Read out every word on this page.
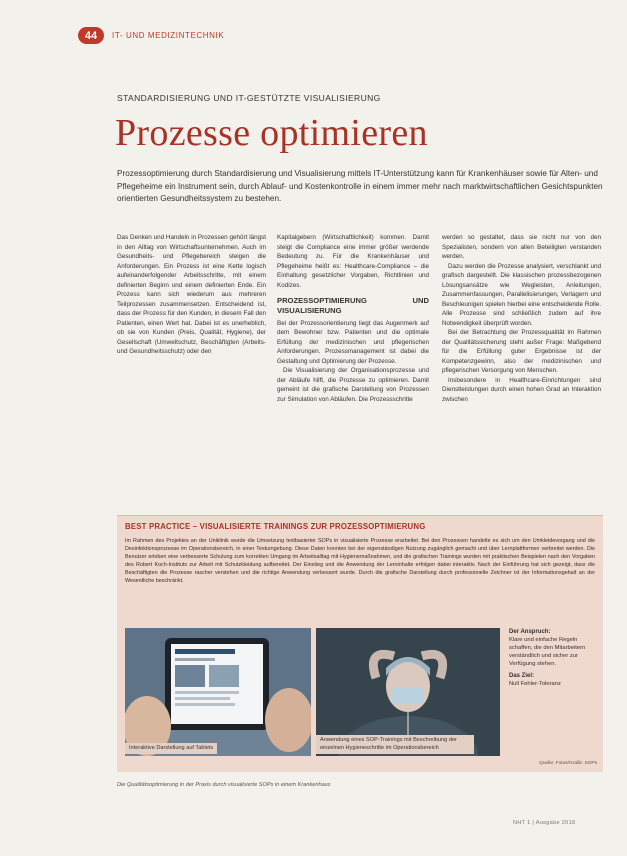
44	IT- UND MEDIZINTECHNIK
STANDARDISIERUNG UND IT-GESTÜTZTE VISUALISIERUNG
Prozesse optimieren
Prozessoptimierung durch Standardisierung und Visualisierung mittels IT-Unterstützung kann für Krankenhäuser sowie für Alten- und Pflegeheime ein Instrument sein, durch Ablauf- und Kostenkontrolle in einem immer mehr nach marktwirtschaftlichen Gesichtspunkten orientierten Gesundheitssystem zu bestehen.

Das Denken und Handeln in Prozessen gehört längst in den Alltag von Wirtschaftsunternehmen. Auch im Gesundheits- und Pflegebereich steigen die Anforderungen. Ein Prozess ist eine Kette logisch aufeinanderfolgender Arbeitsschritte, mit einem definierten Beginn und einem definierten Ende. Ein Prozess kann sich wiederum aus mehreren Teilprozessen zusammensetzen. Entscheidend ist, dass der Prozess für den Kunden, in diesem Fall den Patienten, einen Wert hat. Dabei ist es unerheblich, ob sie von Kunden (Preis, Qualität, Hygiene), der Gesellschaft (Umweltschutz, Beschäftigten (Arbeits- und Gesundheitsschutz) oder den

Kapitalgebern (Wirtschaftlichkeit) kommen. Damit steigt die Compliance eine immer größer werdende Bedeutung zu. Für die Krankenhäuser und Pflegeheime heißt es: Healthcare-Compliance – die Einhaltung gesetzlicher Vorgaben, Richtlinien und Kodizes.

PROZESSOPTIMIERUNG UND VISUALISIERUNG

Bei der Prozessorientierung liegt das Augenmerk auf dem Bewohner bzw. Patienten und die optimale Erfüllung der medizinischen und pflegerischen Anforderungen. Prozessmanagement ist dabei die Gestaltung und Optimierung der Prozesse.

Die Visualisierung der Organisationsprozesse und der Abläufe hilft, die Prozesse zu optimieren. Damit gemeint ist die grafische Darstellung von Prozessen zur Simulation von Abläufen. Die Prozessschritte

werden so gestaltet, dass sie nicht nur von den Spezialisten, sondern von allen Beteiligten verstanden werden.

Dazu werden die Prozesse analysiert, verschlankt und grafisch dargestellt. Die klassischen prozessbezogenen Lösungsansätze wie Wegleisten, Anleitungen, Zusammenfassungen, Parallelisierungen, Verlagern und Beschleunigen spielen hierbei eine entscheidende Rolle. Alle Prozesse sind schließlich zudem auf ihre Notwendigkeit überprüft worden.

Bei der Betrachtung der Prozessqualität im Rahmen der Qualitätssicherung steht außer Frage: Maßgebend für die Erfüllung guter Ergebnisse ist der Kompetenzgewinn, also der medizinischen und pflegerischen Versorgung von Menschen.

Insbesondere in Healthcare-Einrichtungen sind Dienstleistungen durch einen hohen Grad an Interaktion zwischen

BEST PRACTICE – VISUALISIERTE TRAININGS ZUR PROZESSOPTIMIERUNG
Im Rahmen des Projektes an der Uniklinik wurde die Umsetzung textbasierter SOPs in visualisierte Prozesse erarbeitet. Bei den Prozessen handelte es sich um den Umkleidevorgang und die Desinfektionsprozesse im Operationsbereich, in einer Testumgebung. Diese Daten konnten bei der eigenständigen Nutzung zugänglich gemacht und über Lernplattformen verbreitet werden. Die Benutzer erleben eine verbesserte Schulung zum korrekten Umgang im Arbeitsalltag mit Hygienemaßnahmen, und die grafischen Trainings wurden mit praktischen Beispielen nach den Vorgaben des Robert Koch-Instituts zur Arbeit mit Schutzkleidung aufbereitet. Der Einstieg und die Anwendung der Lerninhalte erfolgen dabei interaktiv. Nach der Einführung hat sich gezeigt, dass die Beschäftigten die Prozesse rascher verstehen und die richtige Anwendung verbessert wurde. Durch die grafische Darstellung durch professionelle Zeichner ist der Informationsgehalt an der Wesentliche beschränkt.
Interaktive Darstellung auf Tablets
Anwendung eines SOP-Trainings mit Beschreibung der einzelnen Hygieneschritte im Operationsbereich
Der Anspruch:
Klare und einfache Regeln schaffen, die den Mitarbeitern verständlich und sicher zur Verfügung stehen.
Das Ziel:
Null Fehler-Toleranz
Quelle: Fotos/Grafik: SOPs
Die Qualitätsoptimierung in der Praxis durch visualisierte SOPs in einem Krankenhaus
NHT 1 | Ausgabe 2018
